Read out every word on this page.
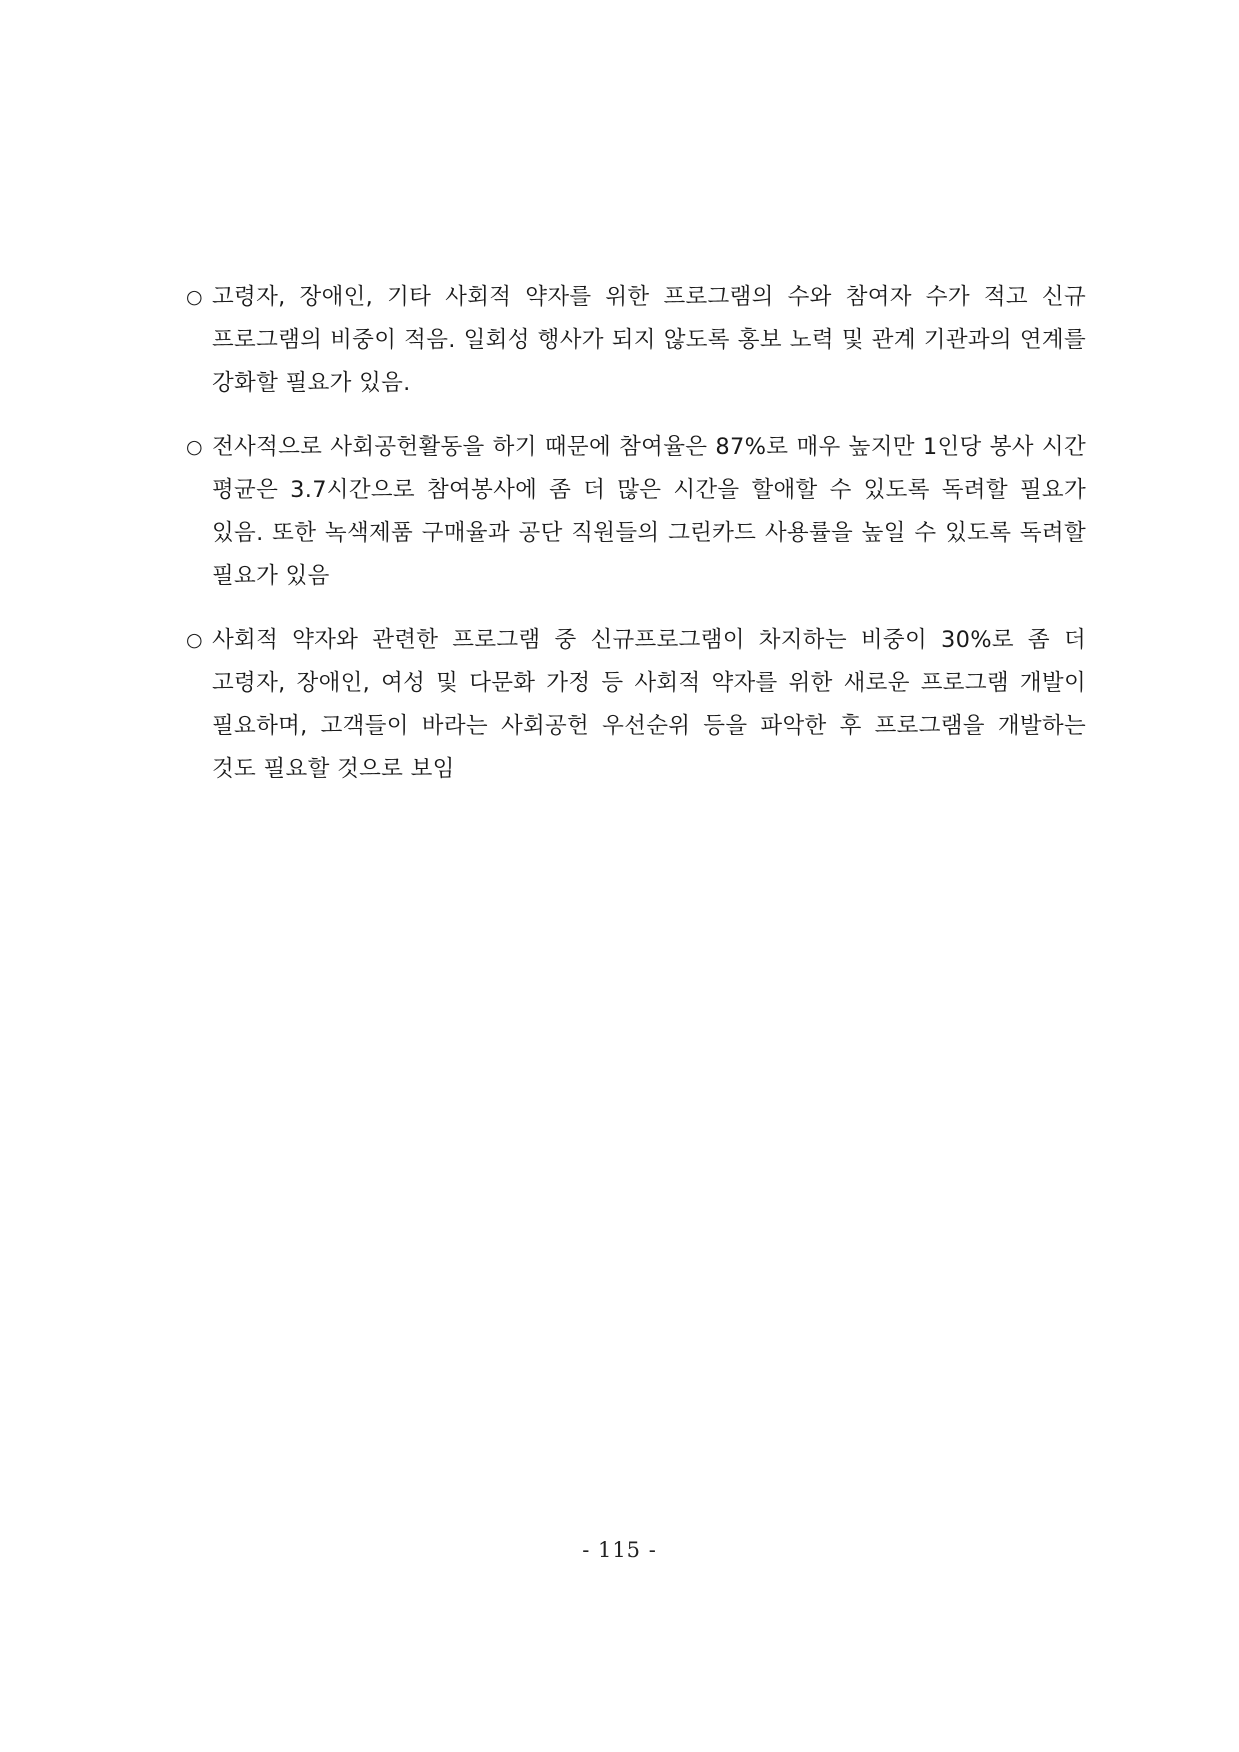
○ 고령자, 장애인, 기타 사회적 약자를 위한 프로그램의 수와 참여자 수가 적고 신규 프로그램의 비중이 적음. 일회성 행사가 되지 않도록 홍보 노력 및 관계 기관과의 연계를 강화할 필요가 있음.
○ 전사적으로 사회공헌활동을 하기 때문에 참여율은 87%로 매우 높지만 1인당 봉사 시간 평균은 3.7시간으로 참여봉사에 좀 더 많은 시간을 할애할 수 있도록 독려할 필요가 있음. 또한 녹색제품 구매율과 공단 직원들의 그린카드 사용률을 높일 수 있도록 독려할 필요가 있음
○ 사회적 약자와 관련한 프로그램 중 신규프로그램이 차지하는 비중이 30%로 좀 더 고령자, 장애인, 여성 및 다문화 가정 등 사회적 약자를 위한 새로운 프로그램 개발이 필요하며, 고객들이 바라는 사회공헌 우선순위 등을 파악한 후 프로그램을 개발하는 것도 필요할 것으로 보임
- 115 -
